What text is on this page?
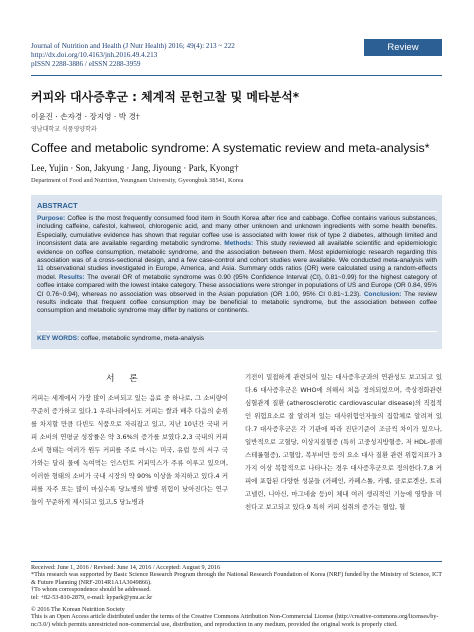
Journal of Nutrition and Health (J Nutr Health) 2016; 49(4): 213 ~ 222
http://dx.doi.org/10.4163/jnh.2016.49.4.213
pISSN 2288-3886 / eISSN 2288-3959
Review
커피와 대사증후군 : 체계적 문헌고찰 및 메타분석*
이윤진 · 손자경 · 장지영 · 박 경†
영남대학교 식품영양학과
Coffee and metabolic syndrome: A systematic review and meta-analysis*
Lee, Yujin · Son, Jakyung · Jang, Jiyoung · Park, Kyong†
Department of Food and Nutrition, Yeungnam University, Gyeongbuk 38541, Korea
ABSTRACT
Purpose: Coffee is the most frequently consumed food item in South Korea after rice and cabbage. Coffee contains various substances, including caffeine, cafestol, kahweol, chlorogenic acid, and many other unknown and unknown ingredients with some health benefits. Especially, cumulative evidence has shown that regular coffee use is associated with lower risk of type 2 diabetes, although limited and inconsistent data are available regarding metabolic syndrome. Methods: This study reviewed all available scientific and epidemiologic evidence on coffee consumption, metabolic syndrome, and the association between them. Most epidemiologic research regarding this association was of a cross-sectional design, and a few case-control and cohort studies were available. We conducted meta-analysis with 11 observational studies investigated in Europe, America, and Asia. Summary odds ratios (OR) were calculated using a random-effects model. Results: The overall OR of metabolic syndrome was 0.90 (95% Confidence Interval (CI), 0.81~0.99) for the highest category of coffee intake compared with the lowest intake category. These associations were stronger in populations of US and Europe (OR 0.84, 95% CI 0.76~0.94), whereas no association was observed in the Asian population (OR 1.00, 95% CI 0.81~1.23). Conclusion: The review results indicate that frequent coffee consumption may be beneficial to metabolic syndrome, but the association between coffee consumption and metabolic syndrome may differ by nations or continents.
KEY WORDS: coffee, metabolic syndrome, meta-analysis
서 론
커피는 세계에서 가장 많이 소비되고 있는 음료 중 하나로, 그 소비량이 꾸준히 증가하고 있다.1 우리나라에서도 커피는 쌀과 배추 다음의 순위를 차지할 만큼 다빈도 식품으로 자리잡고 있고, 지난 10년간 국내 커피 소비의 연평균 성장률은 약 3.6%의 증가를 보였다.2,3 국내의 커피 소비 형태는 여러가 원두 커피를 주로 마시는 미국, 유럽 등의 서구 국가와는 달리 물에 녹여먹는 인스턴트 커피믹스가 주류 이루고 있으며, 이러한 형태의 소비가 국내 시장의 약 90% 이상을 차지하고 있다.4 커피를 자주 또는 많이 마실수록 당뇨병의 발병 위험이 낮아진다는 연구들이 꾸준하게 제시되고 있고,5 당뇨병과
기전이 밀접하게 관련되어 있는 대사증후군과의 연관성도 보고되고 있다.6 대사증후군은 WHO에 의해서 처음 정의되었으며, 죽상경화관련 심혈관계 질환 (atherosclerotic cardiovascular disease)의 직접적인 위험요소로 잘 알려져 있는 대사위험인자들의 집합체로 알려져 있다.7 대사증후군은 각 기관에 따라 진단기준이 조금씩 차이가 있으나, 일반적으로 고혈당, 이상지질혈증 (특히 고중성지방혈증, 저 HDL-콜레스테롤혈증), 고혈압, 복부비만 등의 요소 대사 질환 관련 위험지표가 3가지 이상 복합적으로 나타나는 경우 대사증후군으로 정의한다.7,8 커피에 포함된 다양한 성분들 (카페인, 카페스톨, 카웰, 클로로겐산, 트리고넬린, 니아신, 마그네슘 등)이 체내 여러 생리적인 기능에 영향을 미친다고 보고되고 있다.9 특히 커피 섭취의 증가는 혈압, 혈
Received: June 1, 2016 / Revised: June 14, 2016 / Accepted: August 9, 2016
*This research was supported by Basic Science Research Program through the National Research Foundation of Korea (NRF) funded by the Ministry of Science, ICT & Future Planning (NRF-2014R1A1A3049866).
†To whom correspondence should be addressed.
tel: +82-53-810-2879, e-mail: kypark@ynu.ac.kr
© 2016 The Korean Nutrition Society
This is an Open Access article distributed under the terms of the Creative Commons Attribution Non-Commercial License (http://creative-commons.org/licenses/by-nc/3.0/) which permits unrestricted non-commercial use, distribution, and reproduction in any medium, provided the original work is properly cited.
